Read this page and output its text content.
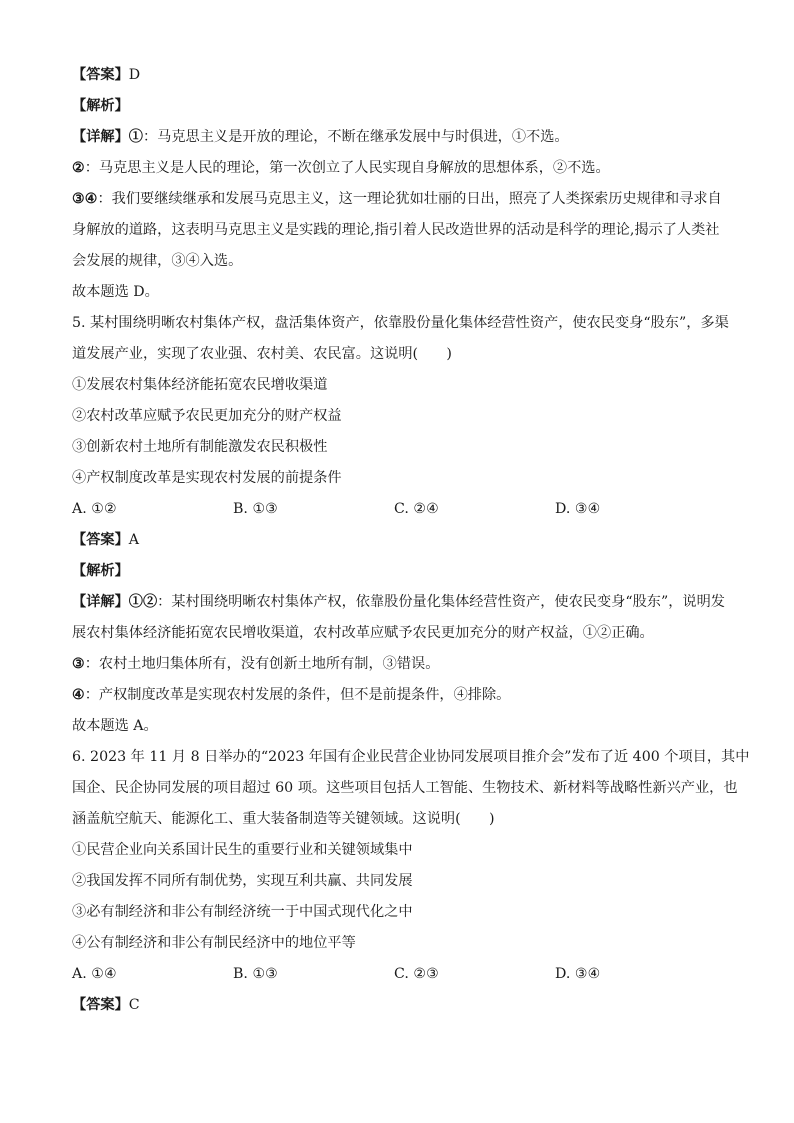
【答案】D
【解析】
【详解】①：马克思主义是开放的理论，不断在继承发展中与时俱进，①不选。
②：马克思主义是人民的理论，第一次创立了人民实现自身解放的思想体系，②不选。
③④：我们要继续继承和发展马克思主义，这一理论犹如壮丽的日出，照亮了人类探索历史规律和寻求自
身解放的道路，这表明马克思主义是实践的理论,指引着人民改造世界的活动是科学的理论,揭示了人类社
会发展的规律，③④入选。
故本题选 D。
5. 某村围绕明晰农村集体产权，盘活集体资产，依靠股份量化集体经营性资产，使农民变身“股东”，多渠
道发展产业，实现了农业强、农村美、农民富。这说明(　　)
①发展农村集体经济能拓宽农民增收渠道
②农村改革应赋予农民更加充分的财产权益
③创新农村土地所有制能激发农民积极性
④产权制度改革是实现农村发展的前提条件
A. ①②	B. ①③	C. ②④	D. ③④
【答案】A
【解析】
【详解】①②：某村围绕明晰农村集体产权，依靠股份量化集体经营性资产，使农民变身“股东”，说明发
展农村集体经济能拓宽农民增收渠道，农村改革应赋予农民更加充分的财产权益，①②正确。
③：农村土地归集体所有，没有创新土地所有制，③错误。
④：产权制度改革是实现农村发展的条件，但不是前提条件，④排除。
故本题选 A。
6. 2023 年 11 月 8 日举办的“2023 年国有企业民营企业协同发展项目推介会”发布了近 400 个项目，其中
国企、民企协同发展的项目超过 60 项。这些项目包括人工智能、生物技术、新材料等战略性新兴产业，也
涵盖航空航天、能源化工、重大装备制造等关键领域。这说明(　　)
①民营企业向关系国计民生的重要行业和关键领域集中
②我国发挥不同所有制优势，实现互利共赢、共同发展
③必有制经济和非公有制经济统一于中国式现代化之中
④公有制经济和非公有制民经济中的地位平等
A. ①④	B. ①③	C. ②③	D. ③④
【答案】C
